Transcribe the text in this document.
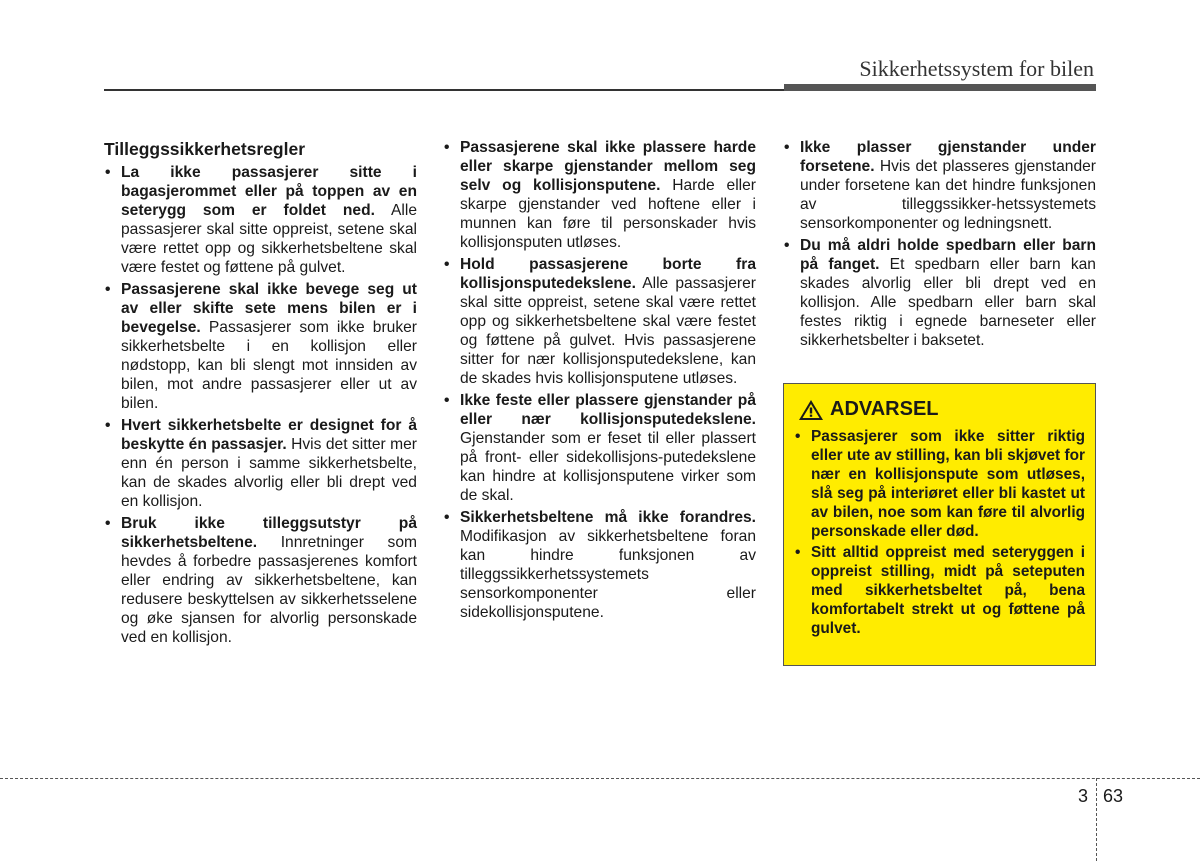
Sikkerhetssystem for bilen
Tilleggssikkerhetsregler
• La ikke passasjerer sitte i bagasjerommet eller på toppen av en seterygg som er foldet ned. Alle passasjerer skal sitte oppreist, setene skal være rettet opp og sikkerhetsbeltene skal være festet og føttene på gulvet.
• Passasjerene skal ikke bevege seg ut av eller skifte sete mens bilen er i bevegelse. Passasjerer som ikke bruker sikkerhetsbelte i en kollisjon eller nødstopp, kan bli slengt mot innsiden av bilen, mot andre passasjerer eller ut av bilen.
• Hvert sikkerhetsbelte er designet for å beskytte én passasjer. Hvis det sitter mer enn én person i samme sikkerhetsbelte, kan de skades alvorlig eller bli drept ved en kollisjon.
• Bruk ikke tilleggsutstyr på sikkerhetsbeltene. Innretninger som hevdes å forbedre passasjerenes komfort eller endring av sikkerhetsbeltene, kan redusere beskyttelsen av sikkerhetsselene og øke sjansen for alvorlig personskade ved en kollisjon.
• Passasjerene skal ikke plassere harde eller skarpe gjenstander mellom seg selv og kollisjonsputene. Harde eller skarpe gjenstander ved hoftene eller i munnen kan føre til personskader hvis kollisjonsputen utløses.
• Hold passasjerene borte fra kollisjonsputedekslene. Alle passasjerer skal sitte oppreist, setene skal være rettet opp og sikkerhetsbeltene skal være festet og føttene på gulvet. Hvis passasjerene sitter for nær kollisjonsputedekslene, kan de skades hvis kollisjonsputene utløses.
• Ikke feste eller plassere gjenstander på eller nær kollisjonsputedekslene. Gjenstander som er feset til eller plassert på front- eller sidekollisjons-putedekslene kan hindre at kollisjonsputene virker som de skal.
• Sikkerhetsbeltene må ikke forandres. Modifikasjon av sikkerhetsbeltene foran kan hindre funksjonen av tilleggssikkerhetssystemets sensorkomponenter eller sidekollisjonsputene.
• Ikke plasser gjenstander under forsetene. Hvis det plasseres gjenstander under forsetene kan det hindre funksjonen av tilleggssikker-hetssystemets sensorkomponenter og ledningsnett.
• Du må aldri holde spedbarn eller barn på fanget. Et spedbarn eller barn kan skades alvorlig eller bli drept ved en kollisjon. Alle spedbarn eller barn skal festes riktig i egnede barneseter eller sikkerhetsbelter i baksetet.
ADVARSEL
• Passasjerer som ikke sitter riktig eller ute av stilling, kan bli skjøvet for nær en kollisjonspute som utløses, slå seg på interiøret eller bli kastet ut av bilen, noe som kan føre til alvorlig personskade eller død.
• Sitt alltid oppreist med seteryggen i oppreist stilling, midt på seteputen med sikkerhetsbeltet på, bena komfortabelt strekt ut og føttene på gulvet.
3 63
